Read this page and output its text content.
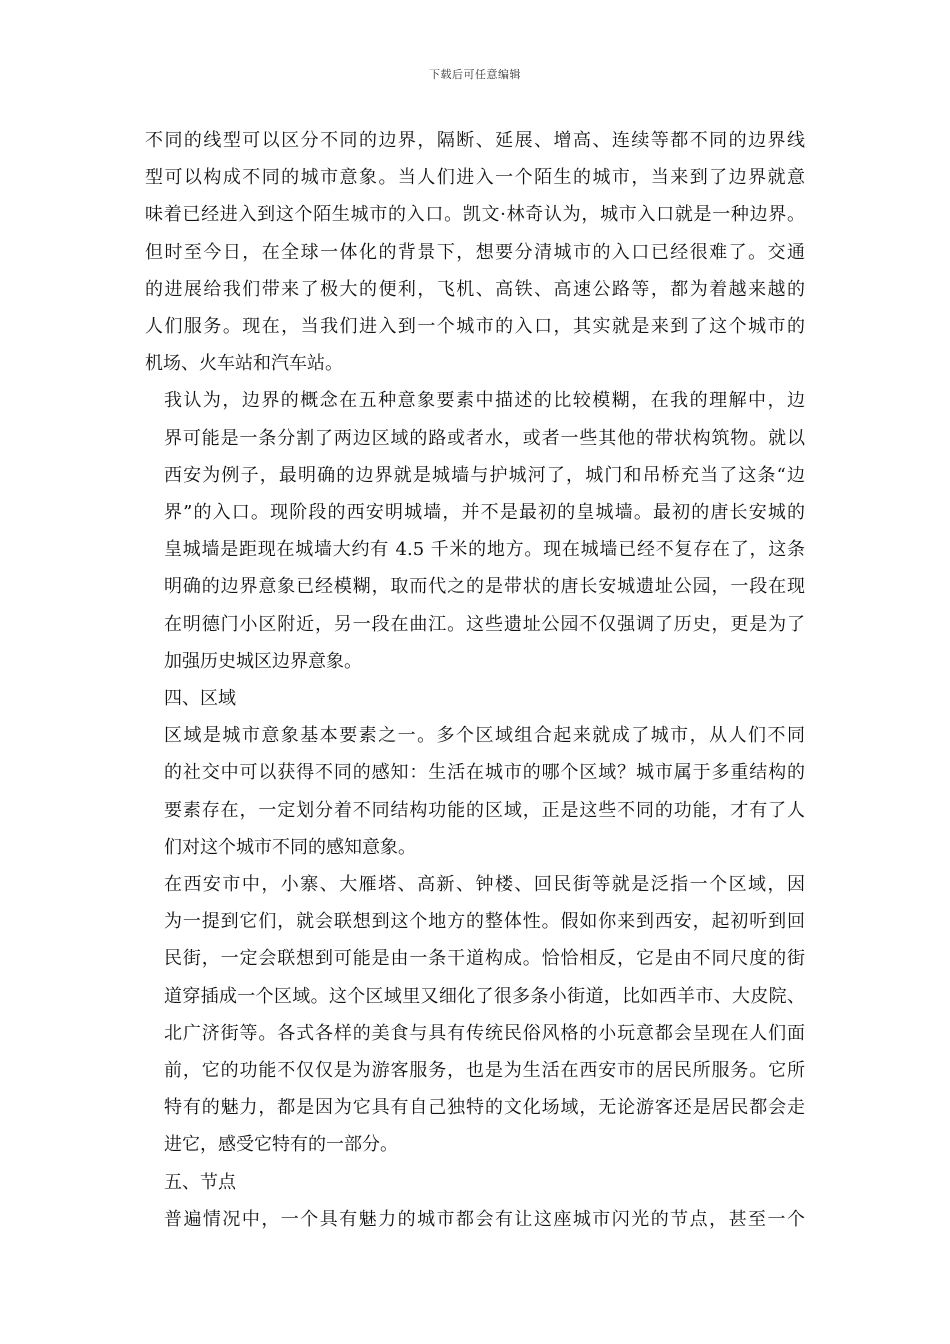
下载后可任意编辑

不同的线型可以区分不同的边界，隔断、延展、增高、连续等都不同的边界线
型可以构成不同的城市意象。当人们进入一个陌生的城市，当来到了边界就意
味着已经进入到这个陌生城市的入口。凯文·林奇认为，城市入口就是一种边界。
但时至今日，在全球一体化的背景下，想要分清城市的入口已经很难了。交通
的进展给我们带来了极大的便利，飞机、高铁、高速公路等，都为着越来越的
人们服务。现在，当我们进入到一个城市的入口，其实就是来到了这个城市的
机场、火车站和汽车站。

我认为，边界的概念在五种意象要素中描述的比较模糊，在我的理解中，边
界可能是一条分割了两边区域的路或者水，或者一些其他的带状构筑物。就以
西安为例子，最明确的边界就是城墙与护城河了，城门和吊桥充当了这条“边
界”的入口。现阶段的西安明城墙，并不是最初的皇城墙。最初的唐长安城的
皇城墙是距现在城墙大约有 4.5 千米的地方。现在城墙已经不复存在了，这条
明确的边界意象已经模糊，取而代之的是带状的唐长安城遗址公园，一段在现
在明德门小区附近，另一段在曲江。这些遗址公园不仅强调了历史，更是为了
加强历史城区边界意象。

四、区域

区域是城市意象基本要素之一。多个区域组合起来就成了城市，从人们不同
的社交中可以获得不同的感知：生活在城市的哪个区域？城市属于多重结构的
要素存在，一定划分着不同结构功能的区域，正是这些不同的功能，才有了人
们对这个城市不同的感知意象。

在西安市中，小寨、大雁塔、高新、钟楼、回民街等就是泛指一个区域，因
为一提到它们，就会联想到这个地方的整体性。假如你来到西安，起初听到回
民街，一定会联想到可能是由一条干道构成。恰恰相反，它是由不同尺度的街
道穿插成一个区域。这个区域里又细化了很多条小街道，比如西羊市、大皮院、
北广济街等。各式各样的美食与具有传统民俗风格的小玩意都会呈现在人们面
前，它的功能不仅仅是为游客服务，也是为生活在西安市的居民所服务。它所
特有的魅力，都是因为它具有自己独特的文化场域，无论游客还是居民都会走
进它，感受它特有的一部分。

五、节点

普遍情况中，一个具有魅力的城市都会有让这座城市闪光的节点，甚至一个
